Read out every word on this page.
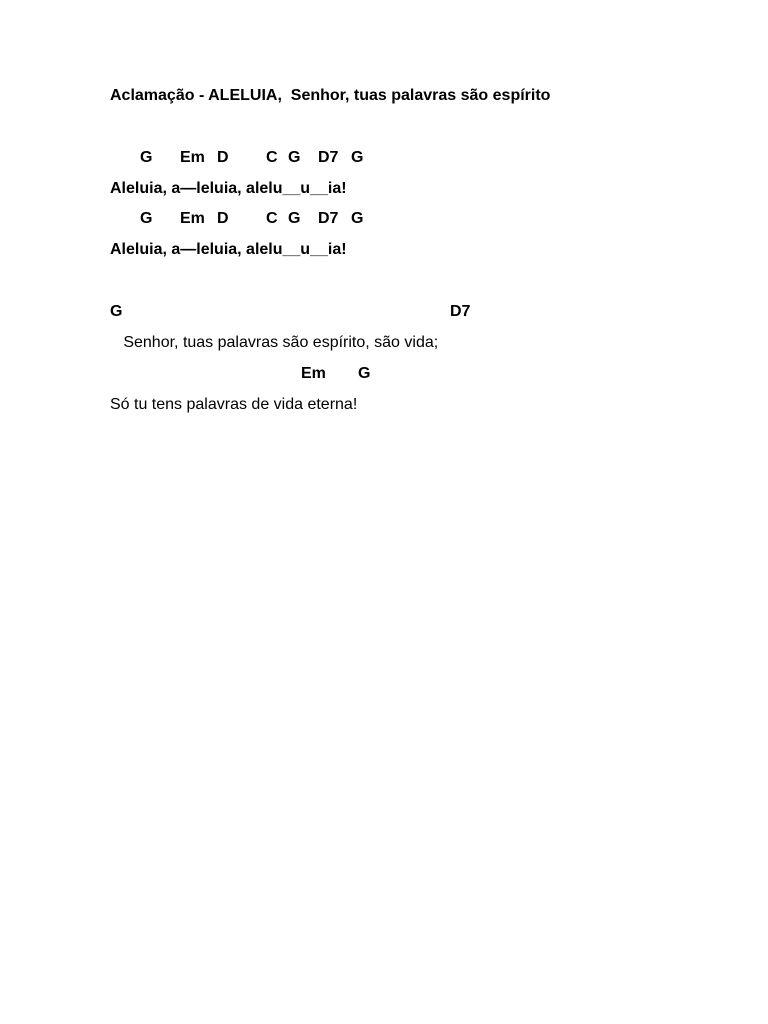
Aclamação - ALELUIA,  Senhor, tuas palavras são espírito
G Em D C G D7 G
Aleluia, a—leluia, alelu__u__ia!
G Em D C G D7 G
Aleluia, a—leluia, alelu__u__ia!
G	D7
Senhor, tuas palavras são espírito, são vida;
Em G
Só tu tens palavras de vida eterna!
